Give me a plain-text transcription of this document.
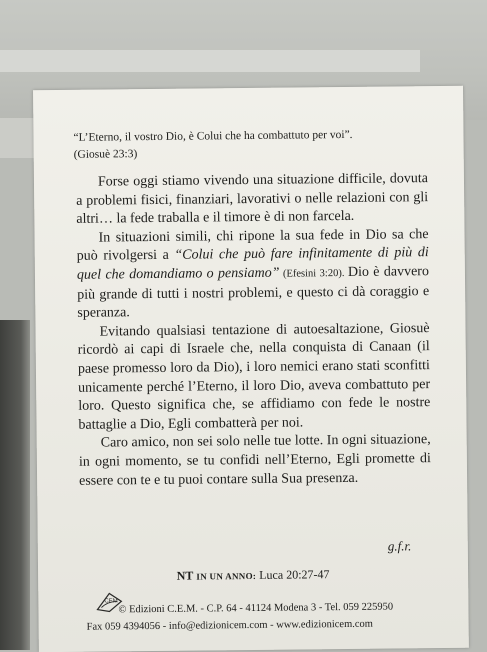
“L’Eterno, il vostro Dio, è Colui che ha combattuto per voi”.
(Giosuè 23:3)

Forse oggi stiamo vivendo una situazione difficile, dovuta a problemi fisici, finanziari, lavorativi o nelle relazioni con gli altri… la fede traballa e il timore è di non farcela.

In situazioni simili, chi ripone la sua fede in Dio sa che può rivolgersi a “Colui che può fare infinitamente di più di quel che domandiamo o pensiamo” (Efesini 3:20). Dio è davvero più grande di tutti i nostri problemi, e questo ci dà coraggio e speranza.

Evitando qualsiasi tentazione di autoesaltazione, Giosuè ricordò ai capi di Israele che, nella conquista di Canaan (il paese promesso loro da Dio), i loro nemici erano stati sconfitti unicamente perché l’Eterno, il loro Dio, aveva combattuto per loro. Questo significa che, se affidiamo con fede le nostre battaglie a Dio, Egli combatterà per noi.

Caro amico, non sei solo nelle tue lotte. In ogni situazione, in ogni momento, se tu confidi nell’Eterno, Egli promette di essere con te e tu puoi contare sulla Sua presenza.

g.f.r.
NT IN UN ANNO: Luca 20:27-47
CEM
© Edizioni C.E.M. - C.P. 64 - 41124 Modena 3 - Tel. 059 225950
Fax 059 4394056 - info@edizionicem.com - www.edizionicem.com
